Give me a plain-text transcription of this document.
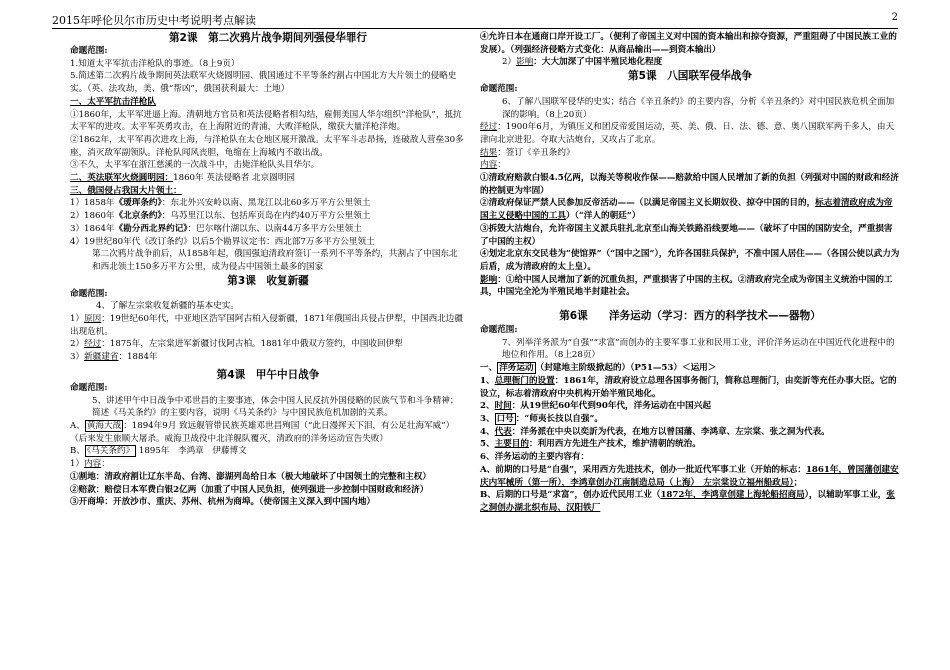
2015年呼伦贝尔市历史中考说明考点解读	2

第2课　第二次鸦片战争期间列强侵华罪行

命题范围:

1.知道太平军抗击洋枪队的事迹。（8上9页）

5.简述第二次鸦片战争期间英法联军火烧圆明园、俄国通过不平等条约割占中国北方大片领土的侵略史实。（英、法攻劫，美、俄“帮凶”，俄国获利最大：土地）

一、太平军抗击洋枪队

①1860年，太平军进逼上海。清朝地方官员和英法侵略者相勾结，雇佣美国人华尔组织“洋枪队”，抵抗太平军的进攻。太平军英勇攻击，在上海附近的青浦，大败洋枪队，缴获大量洋枪洋炮。

②1862年，太平军再次进攻上海，与洋枪队在太仓地区展开激战。太平军斗志昂扬，连破敌人营垒30多座，消灭敌军副领队。洋枪队闻风丧胆，龟缩在上海城内不敢出战。

③不久，太平军在浙江慈溪的一次战斗中，击毙洋枪队头目华尔。

二、英法联军火烧圆明园：1860年 英法侵略者 北京圆明园

三、俄国侵占我国大片领土：

1）1858年《瑷珲条约》：东北外兴安岭以南、黑龙江以北60多万平方公里领土

2）1860年《北京条约》：乌苏里江以东、包括库页岛在内约40万平方公里领土

3）1864年《勘分西北界约记》：巴尔喀什湖以东、以南44万多平方公里领土

4）19世纪80年代《改订条约》以后5个勘界议定书：西北部7万多平方公里领土

第二次鸦片战争前后，从1858年起，俄国强迫清政府签订一系列不平等条约，共割占了中国东北和西北领土150多万平方公里，成为侵占中国领土最多的国家

第3课　收复新疆

命题范围:

4、了解左宗棠收复新疆的基本史实。

1）原因：19世纪60年代，中亚地区浩罕国阿古柏入侵新疆，1871年俄国出兵侵占伊犁，中国西北边疆出现危机。

2）经过：1875年，左宗棠进军新疆讨伐阿古柏。1881年中俄双方签约，中国收回伊犁

3）新疆建省：1884年

第4课　甲午中日战争

命题范围:

5、讲述甲午中日战争中邓世昌的主要事迹，体会中国人民反抗外国侵略的民族气节和斗争精神；简述《马关条约》的主要内容，说明《马关条约》与中国民族危机加剧的关系。

A、 黄海大战 ：1894年9月 致远舰管带民族英雄邓世昌殉国（“此日漫挥天下泪，有公足壮海军威”）（后来发生旅顺大屠杀。威海卫战役中北洋舰队覆灭，清政府的洋务运动宣告失败）

B、 《马关条约》 1895年　李鸿章　伊藤博文

1）内容：

①割地：清政府割让辽东半岛、台湾、澎湖列岛给日本（极大地破坏了中国领土的完整和主权）

②赔款：赔偿日本军费白银2亿两（加重了中国人民负担，使列强进一步控制中国财政和经济）

③开商埠：开放沙市、重庆、苏州、杭州为商埠。（使帝国主义深入到中国内地）

④允许日本在通商口岸开设工厂。（便利了帝国主义对中国的资本输出和掠夺资源，严重阻碍了中国民族工业的发展）。（列强经济侵略方式变化：从商品输出——到资本输出）

2）影响：大大加深了中国半殖民地化程度

第5课　八国联军侵华战争

命题范围:

6、了解八国联军侵华的史实；结合《辛丑条约》的主要内容，分析《辛丑条约》对中国民族危机全面加深的影响。（8上20页）

经过：1900年6月，为镇压义和团反帝爱国运动，英、美、俄、日、法、德、意、奥八国联军两千多人，由天津向北京进犯。夺取大沽炮台，又攻占了北京。

结果：签订《辛丑条约》

内容：

①清政府赔款白银4.5亿两，以海关等税收作保——赔款给中国人民增加了新的负担（列强对中国的财政和经济的控制更为牢固）

②清政府保证严禁人民参加反帝活动——（以满足帝国主义长期奴役、掠夺中国的目的，标志着清政府成为帝国主义侵略中国的工具）（“洋人的朝廷”）

③拆毁大沽炮台，允许帝国主义派兵驻扎北京至山海关铁路沿线要地——（破坏了中国的国防安全，严重损害了中国的主权）

④划定北京东交民巷为“使馆界”（“国中之国”），允许各国驻兵保护，不准中国人居住——（各国公使以武力为后盾，成为清政府的太上皇）。

影响：①给中国人民增加了新的沉重负担，严重损害了中国的主权。②清政府完全成为帝国主义统治中国的工具，中国完全沦为半殖民地半封建社会。

第6课　　洋务运动（学习：西方的科学技术——器物）

命题范围:

7、列举洋务派为“自强”“求富”而创办的主要军事工业和民用工业，评价洋务运动在中国近代化进程中的地位和作用。（8上28页）

一、 洋务运动 （封建地主阶级掀起的）（P51—53）＜运用＞

1、总理衙门的设置：1861年，清政府设立总理各国事务衙门，简称总理衙门，由奕訢等充任办事大臣。它的设立，标志着清政府中央机构开始半殖民地化。

2、时间：从19世纪60年代到90年代，洋务运动在中国兴起

3、 口号 ：“师夷长技以自强”。

4、代表：洋务派在中央以奕訢为代表，在地方以曾国藩、李鸿章、左宗棠、张之洞为代表。

5、主要目的：利用西方先进生产技术，维护清朝的统治。

6、洋务运动的主要内容有：

A、前期的口号是“自强”，采用西方先进技术，创办一批近代军事工业（开始的标志：1861年，曾国藩创建安庆内军械所（第一所），李鸿章创办江南制造总局（上海）　左宗棠设立福州船政局）；

B、后期的口号是“求富”，创办近代民用工业（1872年，李鸿章创建上海轮船招商局），以辅助军事工业，张之洞创办湖北织布局、汉阳铁厂
